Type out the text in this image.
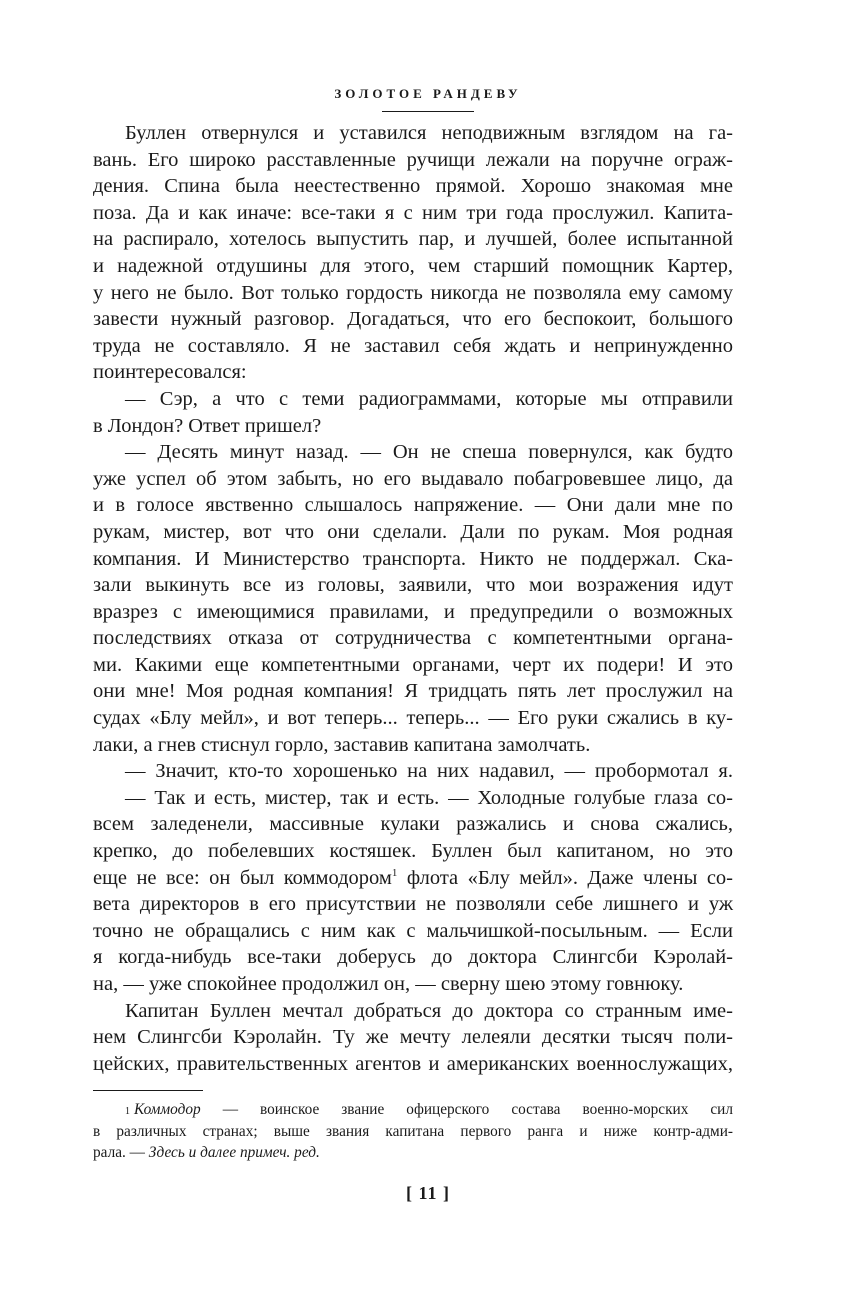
ЗОЛОТОЕ РАНДЕВУ
Буллен отвернулся и уставился неподвижным взглядом на га-
вань. Его широко расставленные ручищи лежали на поручне ограж-
дения. Спина была неестественно прямой. Хорошо знакомая мне
поза. Да и как иначе: все-таки я с ним три года прослужил. Капита-
на распирало, хотелось выпустить пар, и лучшей, более испытанной
и надежной отдушины для этого, чем старший помощник Картер,
у него не было. Вот только гордость никогда не позволяла ему самому
завести нужный разговор. Догадаться, что его беспокоит, большого
труда не составляло. Я не заставил себя ждать и непринужденно
поинтересовался:
— Сэр, а что с теми радиограммами, которые мы отправили
в Лондон? Ответ пришел?
— Десять минут назад. — Он не спеша повернулся, как будто
уже успел об этом забыть, но его выдавало побагровевшее лицо, да
и в голосе явственно слышалось напряжение. — Они дали мне по
рукам, мистер, вот что они сделали. Дали по рукам. Моя родная
компания. И Министерство транспорта. Никто не поддержал. Ска-
зали выкинуть все из головы, заявили, что мои возражения идут
вразрез с имеющимися правилами, и предупредили о возможных
последствиях отказа от сотрудничества с компетентными органа-
ми. Какими еще компетентными органами, черт их подери! И это
они мне! Моя родная компания! Я тридцать пять лет прослужил на
судах «Блу мейл», и вот теперь... теперь... — Его руки сжались в ку-
лаки, а гнев стиснул горло, заставив капитана замолчать.
— Значит, кто-то хорошенько на них надавил, — пробормотал я.
— Так и есть, мистер, так и есть. — Холодные голубые глаза со-
всем заледенели, массивные кулаки разжались и снова сжались,
крепко, до побелевших костяшек. Буллен был капитаном, но это
еще не все: он был коммодором$^1$ флота «Блу мейл». Даже члены со-
вета директоров в его присутствии не позволяли себе лишнего и уж
точно не обращались с ним как с мальчишкой-посыльным. — Если
я когда-нибудь все-таки доберусь до доктора Слингсби Кэролай-
на, — уже спокойнее продолжил он, — сверну шею этому говнюку.
Капитан Буллен мечтал добраться до доктора со странным име-
нем Слингсби Кэролайн. Ту же мечту лелеяли десятки тысяч поли-
цейских, правительственных агентов и американских военнослужащих,
$^1$ Коммодор — воинское звание офицерского состава военно-морских сил
в различных странах; выше звания капитана первого ранга и ниже контр-адми-
рала. — Здесь и далее примеч. ред.
[ 11 ]
